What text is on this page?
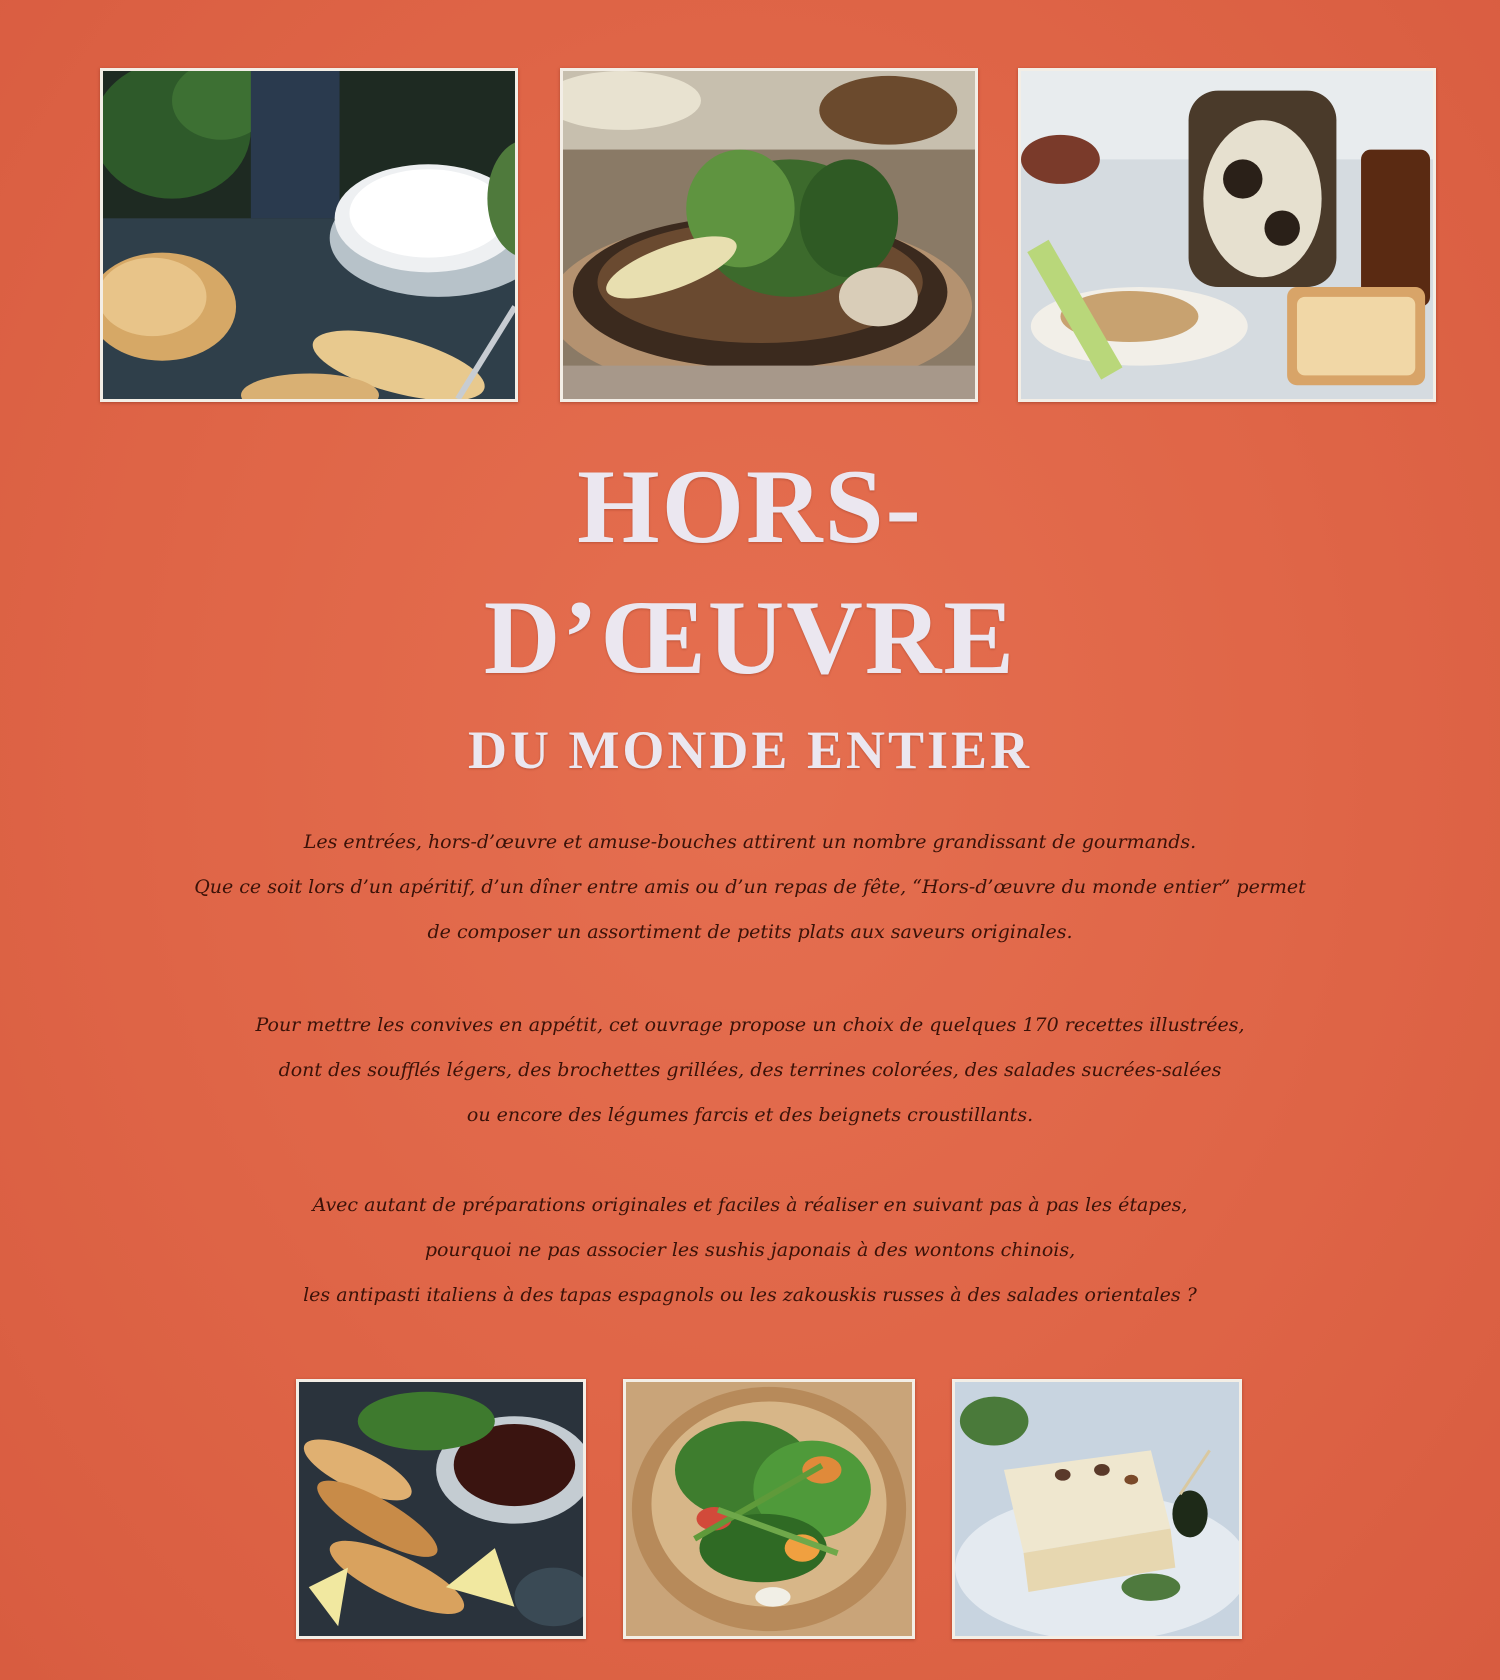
HORS-
D’ŒUVRE
DU MONDE ENTIER
Les entrées, hors-d’œuvre et amuse-bouches attirent un nombre grandissant de gourmands.
Que ce soit lors d’un apéritif, d’un dîner entre amis ou d’un repas de fête, “Hors-d’œuvre du monde entier” permet
de composer un assortiment de petits plats aux saveurs originales.
Pour mettre les convives en appétit, cet ouvrage propose un choix de quelques 170 recettes illustrées,
dont des soufflés légers, des brochettes grillées, des terrines colorées, des salades sucrées-salées
ou encore des légumes farcis et des beignets croustillants.
Avec autant de préparations originales et faciles à réaliser en suivant pas à pas les étapes,
pourquoi ne pas associer les sushis japonais à des wontons chinois,
les antipasti italiens à des tapas espagnols ou les zakouskis russes à des salades orientales ?
